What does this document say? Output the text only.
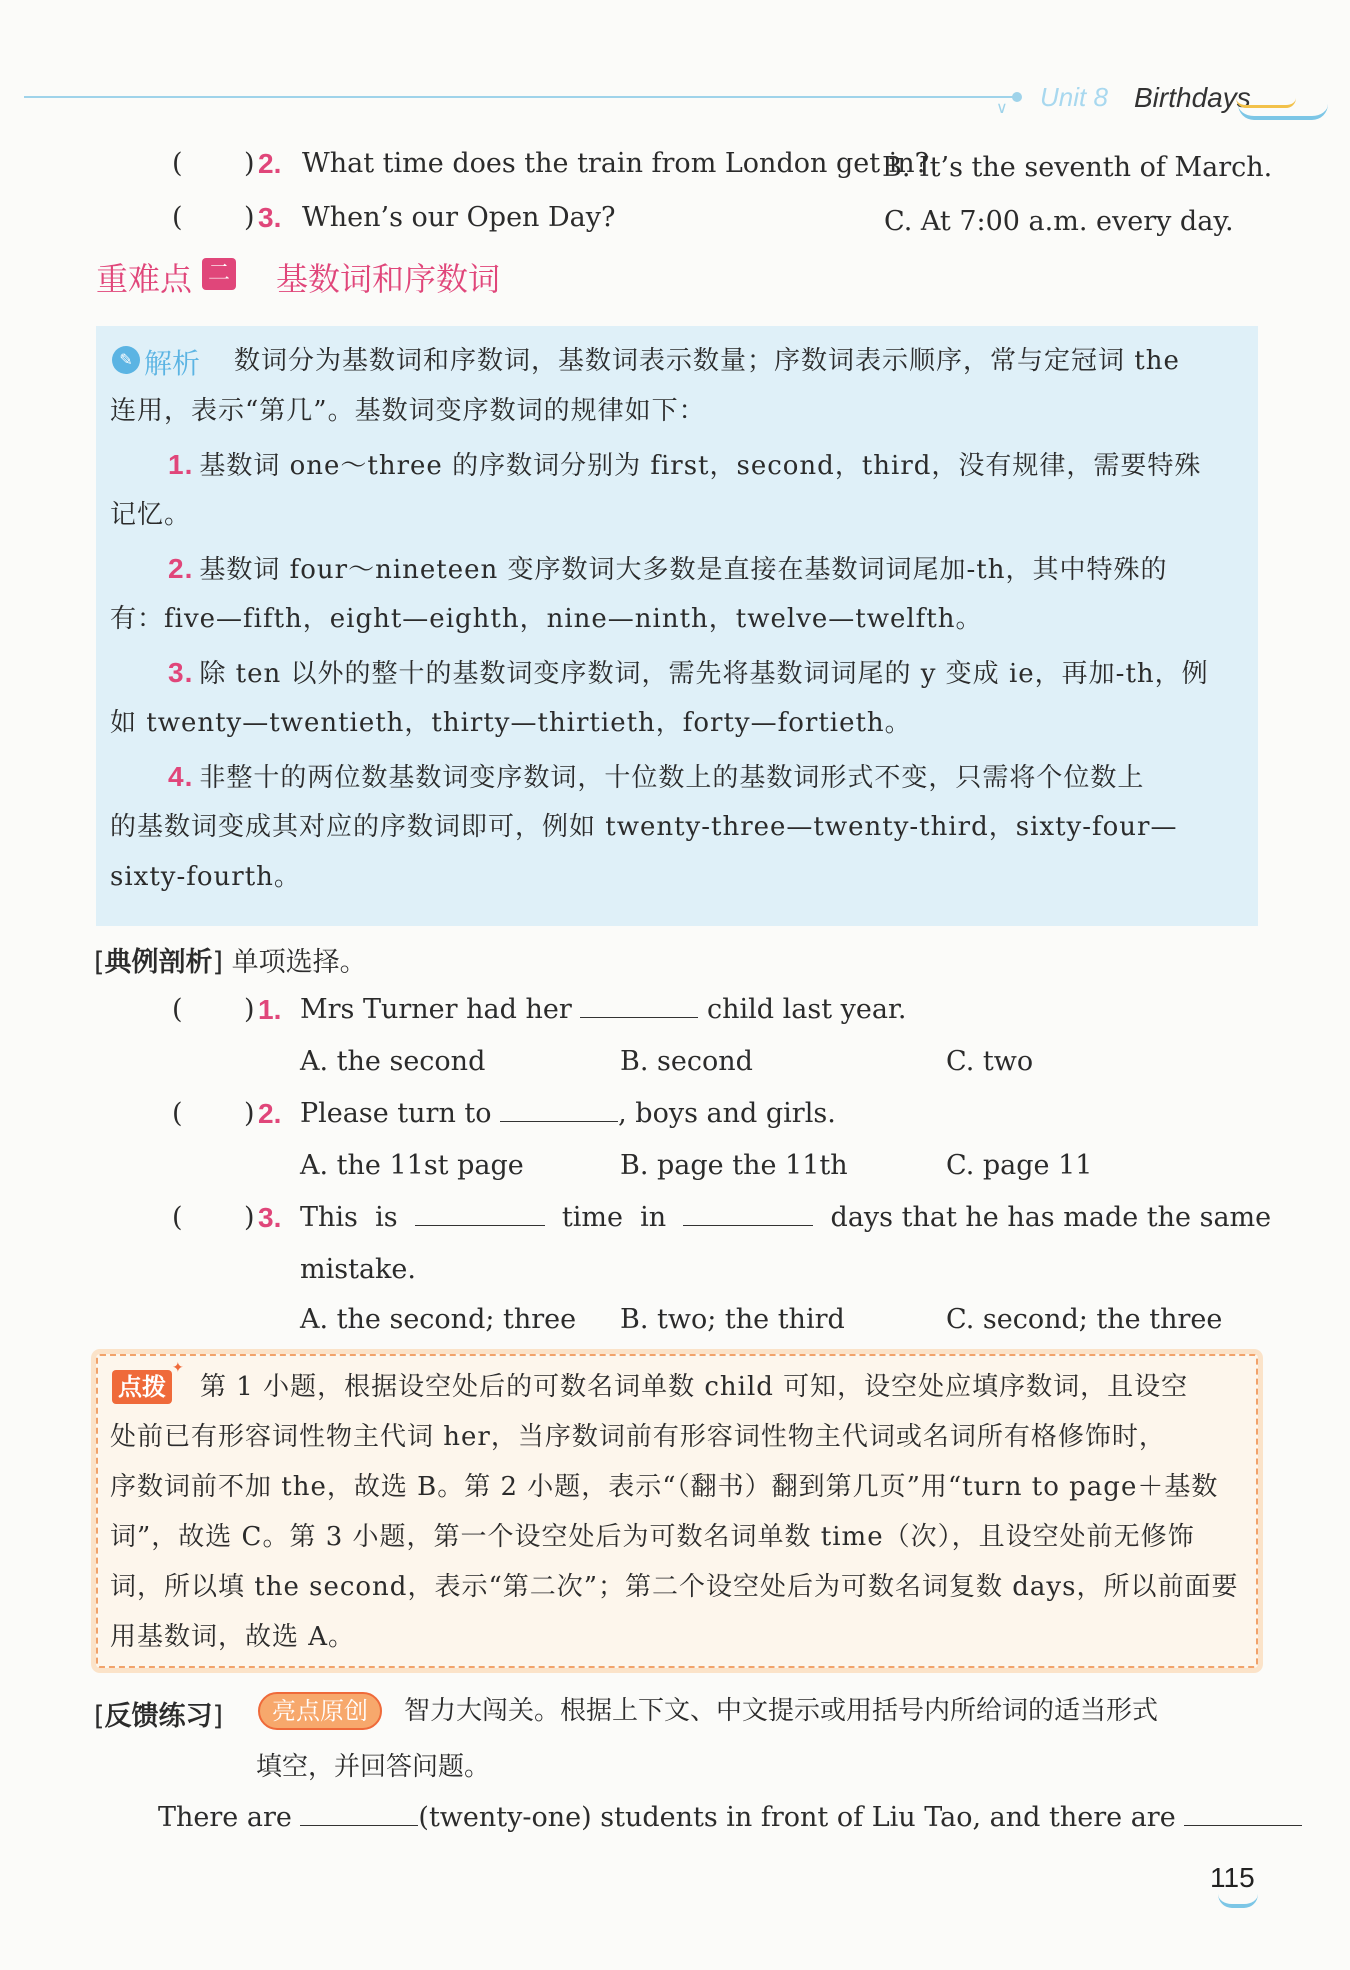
∨ Unit 8 Birthdays
( ) 2. What time does the train from London get in?
B. It’s the seventh of March.
( ) 3. When’s our Open Day?	C. At 7:00 a.m. every day.
重难点 二 基数词和序数词
✎ 解析 数词分为基数词和序数词，基数词表示数量；序数词表示顺序，常与定冠词 the
连用，表示“第几”。基数词变序数词的规律如下：
1. 基数词 one～three 的序数词分别为 first，second，third，没有规律，需要特殊
记忆。
2. 基数词 four～nineteen 变序数词大多数是直接在基数词词尾加-th，其中特殊的
有：five—fifth，eight—eighth，nine—ninth，twelve—twelfth。
3. 除 ten 以外的整十的基数词变序数词，需先将基数词词尾的 y 变成 ie，再加-th，例
如 twenty—twentieth，thirty—thirtieth，forty—fortieth。
4. 非整十的两位数基数词变序数词，十位数上的基数词形式不变，只需将个位数上
的基数词变成其对应的序数词即可，例如 twenty-three—twenty-third，sixty-four—
sixty-fourth。
[典例剖析] 单项选择。
( ) 1. Mrs Turner had her	child last year.
A. the second	B. second	C. two
( ) 2. Please turn to	, boys and girls.
A. the 11st page	B. page the 11th	C. page 11
( ) 3. This is	time in	days that he has made the same
mistake.
A. the second; three B. two; the third	C. second; the three
点拨
✦
第 1 小题，根据设空处后的可数名词单数 child 可知，设空处应填序数词，且设空
处前已有形容词性物主代词 her，当序数词前有形容词性物主代词或名词所有格修饰时，
序数词前不加 the，故选 B。第 2 小题，表示“（翻书）翻到第几页”用“turn to page＋基数
词”，故选 C。第 3 小题，第一个设空处后为可数名词单数 time（次），且设空处前无修饰
词，所以填 the second，表示“第二次”；第二个设空处后为可数名词复数 days，所以前面要
用基数词，故选 A。
[反馈练习]	亮点原创	智力大闯关。根据上下文、中文提示或用括号内所给词的适当形式
填空，并回答问题。
There are	(twenty-one) students in front of Liu Tao, and there are
115
